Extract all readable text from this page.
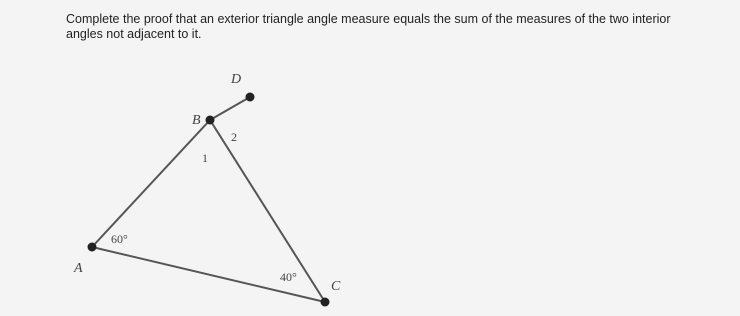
Complete the proof that an exterior triangle angle measure equals the sum of the measures of the two interior angles not adjacent to it.

A
B
C
D
60°
40°
1
2
